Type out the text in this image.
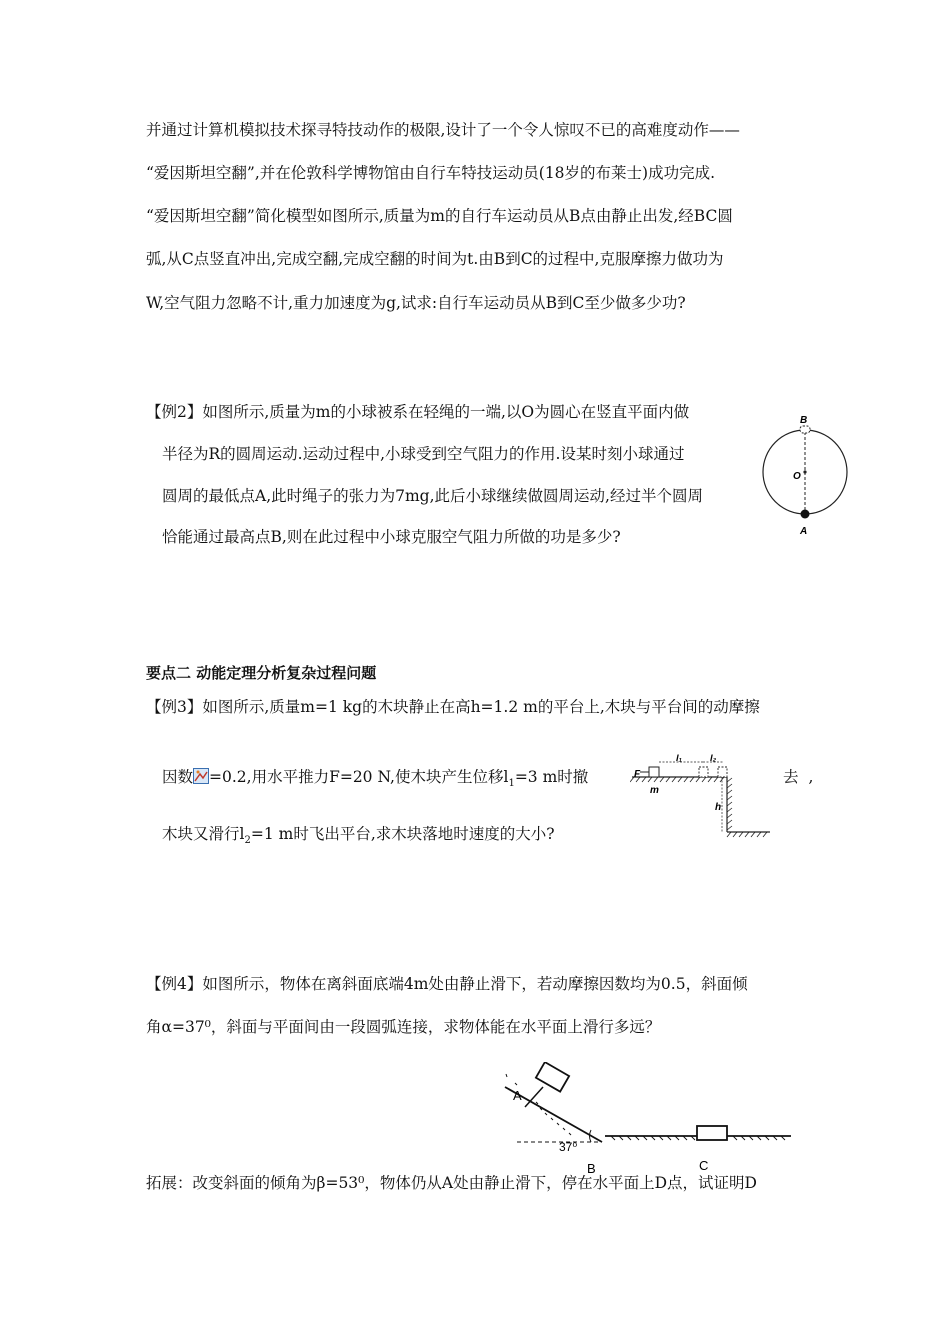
并通过计算机模拟技术探寻特技动作的极限,设计了一个令人惊叹不已的高难度动作——
“爱因斯坦空翻”,并在伦敦科学博物馆由自行车特技运动员(18岁的布莱士)成功完成.
“爱因斯坦空翻”简化模型如图所示,质量为m的自行车运动员从B点由静止出发,经BC圆
弧,从C点竖直冲出,完成空翻,完成空翻的时间为t.由B到C的过程中,克服摩擦力做功为
W,空气阻力忽略不计,重力加速度为g,试求:自行车运动员从B到C至少做多少功?
【例2】如图所示,质量为m的小球被系在轻绳的一端,以O为圆心在竖直平面内做
半径为R的圆周运动.运动过程中,小球受到空气阻力的作用.设某时刻小球通过
圆周的最低点A,此时绳子的张力为7mg,此后小球继续做圆周运动,经过半个圆周
恰能通过最高点B,则在此过程中小球克服空气阻力所做的功是多少?
B
O
A
要点二 动能定理分析复杂过程问题
【例3】如图所示,质量m=1 kg的木块静止在高h=1.2 m的平台上,木块与平台间的动摩擦
因数 =0.2,用水平推力F=20 N,使木块产生位移$l_1=3$ m时撤	去,
木块又滑行$l_2=1$ m时飞出平台,求木块落地时速度的大小?
F
m
l₁	l₂
h
【例4】如图所示，物体在离斜面底端4m处由静止滑下，若动摩擦因数均为0.5，斜面倾
角α=37⁰，斜面与平面间由一段圆弧连接，求物体能在水平面上滑行多远？
A
37⁰
B	C
拓展：改变斜面的倾角为β=53⁰，物体仍从A处由静止滑下，停在水平面上D点，试证明D
